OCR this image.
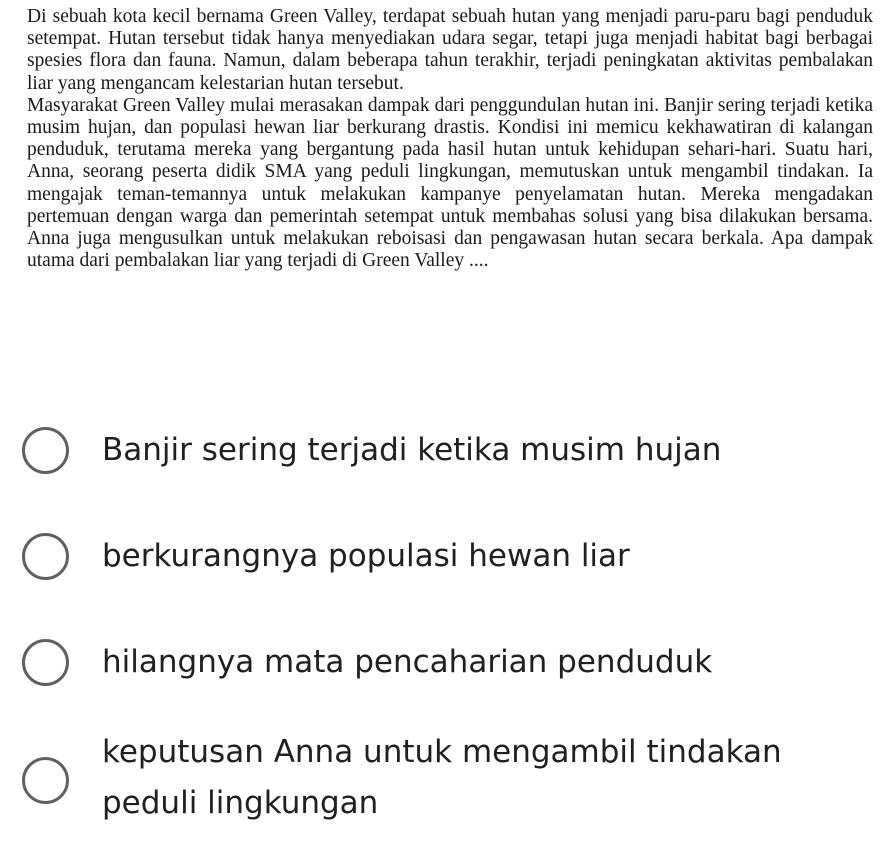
Di sebuah kota kecil bernama Green Valley, terdapat sebuah hutan yang menjadi paru-paru bagi penduduk setempat. Hutan tersebut tidak hanya menyediakan udara segar, tetapi juga menjadi habitat bagi berbagai spesies flora dan fauna. Namun, dalam beberapa tahun terakhir, terjadi peningkatan aktivitas pembalakan liar yang mengancam kelestarian hutan tersebut.

Masyarakat Green Valley mulai merasakan dampak dari penggundulan hutan ini. Banjir sering terjadi ketika musim hujan, dan populasi hewan liar berkurang drastis. Kondisi ini memicu kekhawatiran di kalangan penduduk, terutama mereka yang bergantung pada hasil hutan untuk kehidupan sehari-hari. Suatu hari, Anna, seorang peserta didik SMA yang peduli lingkungan, memutuskan untuk mengambil tindakan. Ia mengajak teman-temannya untuk melakukan kampanye penyelamatan hutan. Mereka mengadakan pertemuan dengan warga dan pemerintah setempat untuk membahas solusi yang bisa dilakukan bersama. Anna juga mengusulkan untuk melakukan reboisasi dan pengawasan hutan secara berkala. Apa dampak utama dari pembalakan liar yang terjadi di Green Valley ....

Banjir sering terjadi ketika musim hujan
berkurangnya populasi hewan liar
hilangnya mata pencaharian penduduk
keputusan Anna untuk mengambil tindakan peduli lingkungan
